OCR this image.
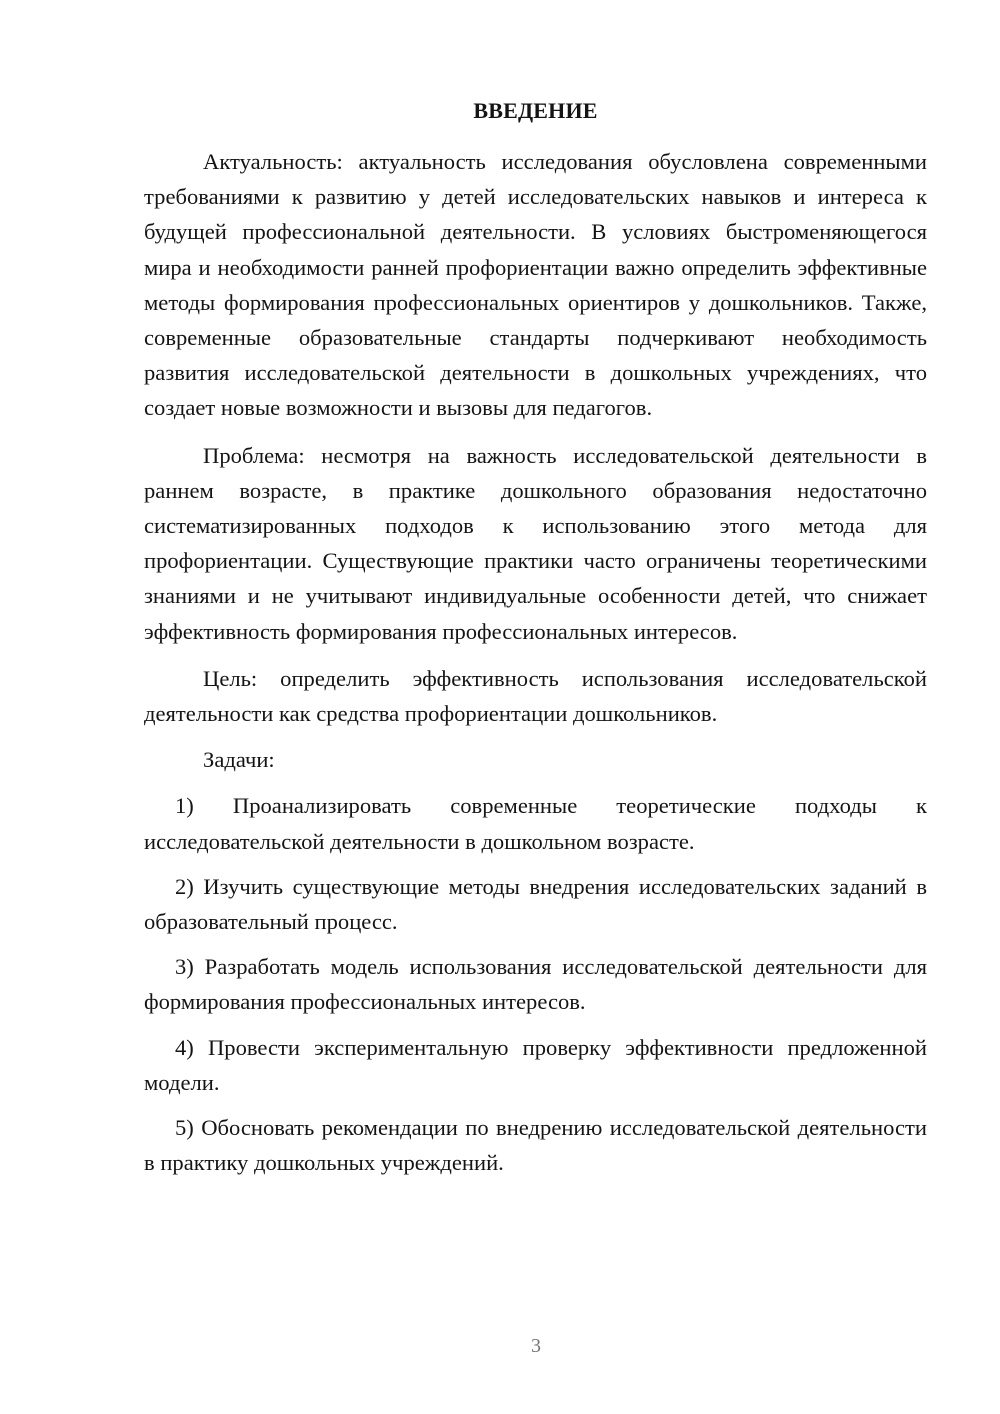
ВВЕДЕНИЕ

Актуальность: актуальность исследования обусловлена современными требованиями к развитию у детей исследовательских навыков и интереса к будущей профессиональной деятельности. В условиях быстроменяющегося мира и необходимости ранней профориентации важно определить эффективные методы формирования профессиональных ориентиров у дошкольников. Также, современные образовательные стандарты подчеркивают необходимость развития исследовательской деятельности в дошкольных учреждениях, что создает новые возможности и вызовы для педагогов.

Проблема: несмотря на важность исследовательской деятельности в раннем возрасте, в практике дошкольного образования недостаточно систематизированных подходов к использованию этого метода для профориентации. Существующие практики часто ограничены теоретическими знаниями и не учитывают индивидуальные особенности детей, что снижает эффективность формирования профессиональных интересов.

Цель: определить эффективность использования исследовательской деятельности как средства профориентации дошкольников.

Задачи:

1) Проанализировать современные теоретические подходы к исследовательской деятельности в дошкольном возрасте.

2) Изучить существующие методы внедрения исследовательских заданий в образовательный процесс.

3) Разработать модель использования исследовательской деятельности для формирования профессиональных интересов.

4) Провести экспериментальную проверку эффективности предложенной модели.

5) Обосновать рекомендации по внедрению исследовательской деятельности в практику дошкольных учреждений.

3
